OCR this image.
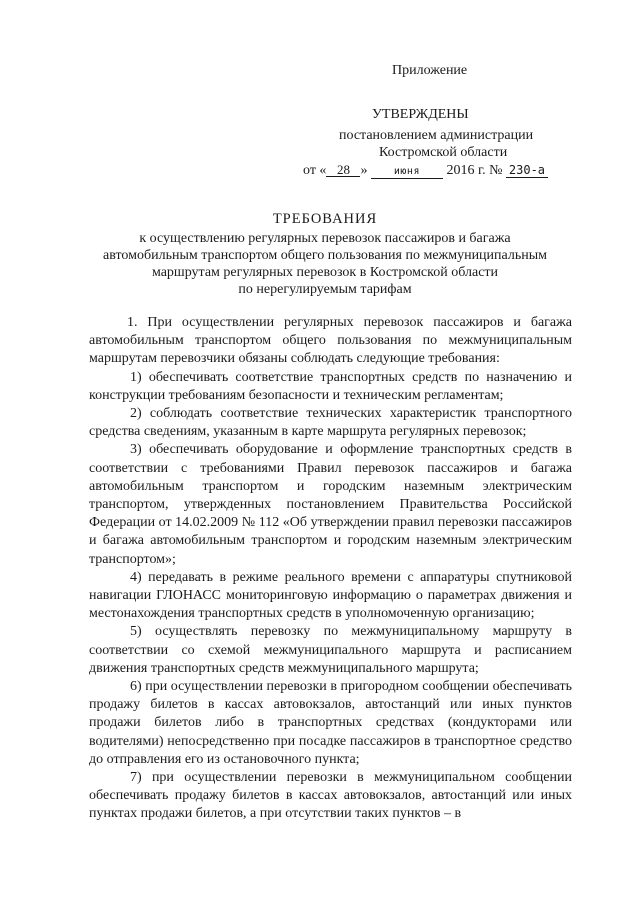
Приложение
УТВЕРЖДЕНЫ
постановлением администрации
Костромской области
от « 28 »	июня 2016 г. № 230-а
ТРЕБОВАНИЯ
к осуществлению регулярных перевозок пассажиров и багажа
автомобильным транспортом общего пользования по межмуниципальным
маршрутам регулярных перевозок в Костромской области
по нерегулируемым тарифам

1. При осуществлении регулярных перевозок пассажиров и багажа автомобильным транспортом общего пользования по межмуниципальным маршрутам перевозчики обязаны соблюдать следующие требования:

1) обеспечивать соответствие транспортных средств по назначению и конструкции требованиям безопасности и техническим регламентам;

2) соблюдать соответствие технических характеристик транспортного средства сведениям, указанным в карте маршрута регулярных перевозок;

3) обеспечивать оборудование и оформление транспортных средств в соответствии с требованиями Правил перевозок пассажиров и багажа автомобильным транспортом и городским наземным электрическим транспортом, утвержденных постановлением Правительства Российской Федерации от 14.02.2009 № 112 «Об утверждении правил перевозки пассажиров и багажа автомобильным транспортом и городским наземным электрическим транспортом»;

4) передавать в режиме реального времени с аппаратуры спутниковой навигации ГЛОНАСС мониторинговую информацию о параметрах движения и местонахождения транспортных средств в уполномоченную организацию;

5) осуществлять перевозку по межмуниципальному маршруту в соответствии со схемой межмуниципального маршрута и расписанием движения транспортных средств межмуниципального маршрута;

6) при осуществлении перевозки в пригородном сообщении обеспечивать продажу билетов в кассах автовокзалов, автостанций или иных пунктов продажи билетов либо в транспортных средствах (кондукторами или водителями) непосредственно при посадке пассажиров в транспортное средство до отправления его из остановочного пункта;

7) при осуществлении перевозки в межмуниципальном сообщении обеспечивать продажу билетов в кассах автовокзалов, автостанций или иных пунктах продажи билетов, а при отсутствии таких пунктов – в
